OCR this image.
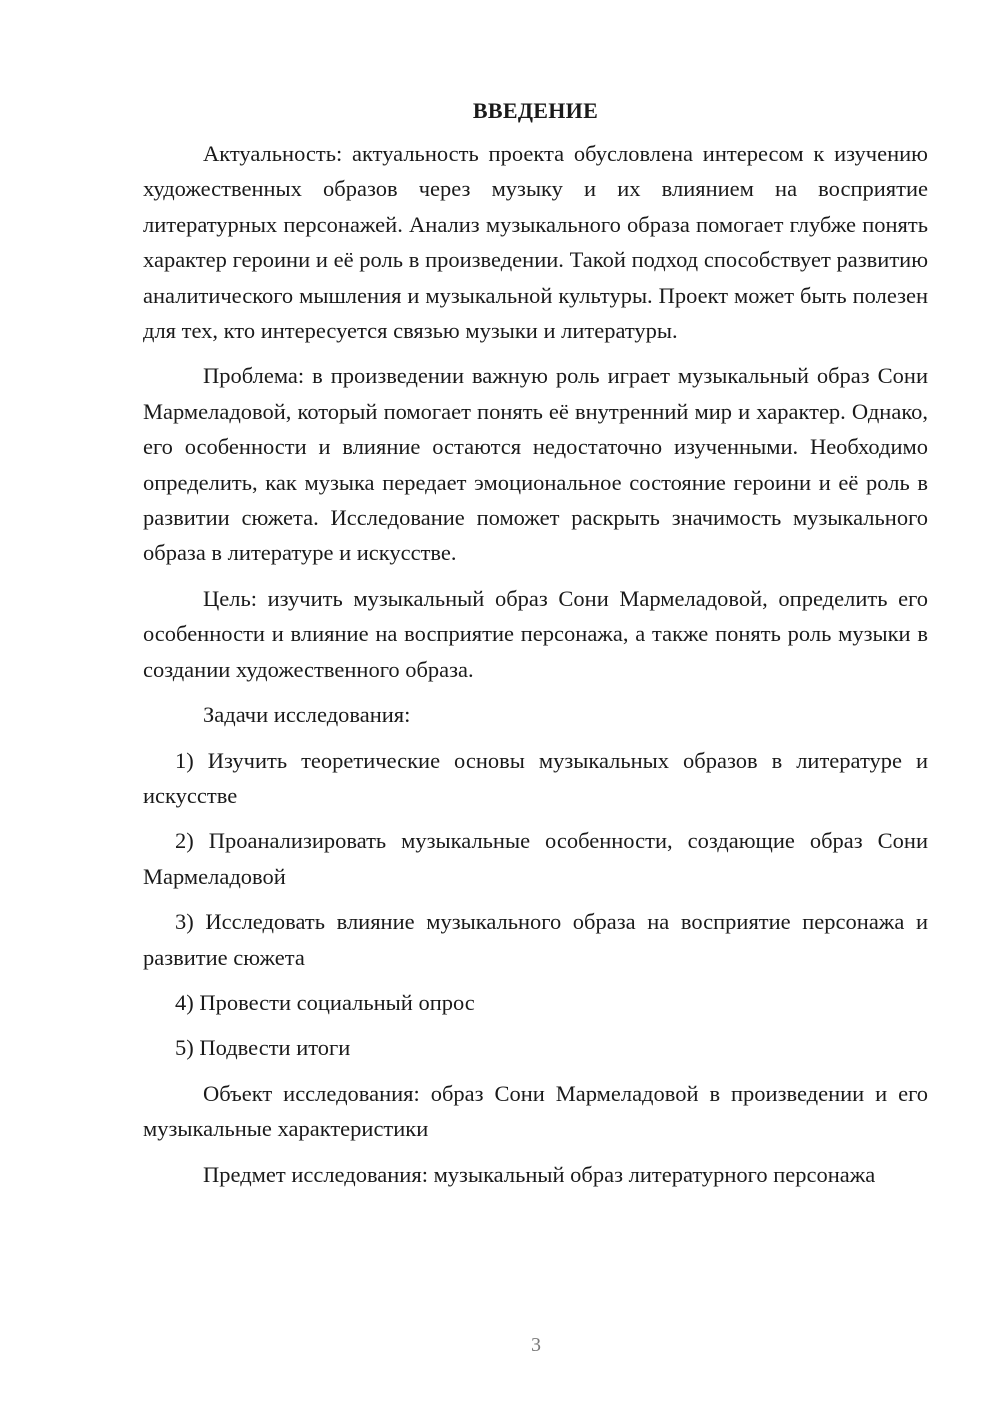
ВВЕДЕНИЕ

Актуальность: актуальность проекта обусловлена интересом к изучению художественных образов через музыку и их влиянием на восприятие литературных персонажей. Анализ музыкального образа помогает глубже понять характер героини и её роль в произведении. Такой подход способствует развитию аналитического мышления и музыкальной культуры. Проект может быть полезен для тех, кто интересуется связью музыки и литературы.

Проблема: в произведении важную роль играет музыкальный образ Сони Мармеладовой, который помогает понять её внутренний мир и характер. Однако, его особенности и влияние остаются недостаточно изученными. Необходимо определить, как музыка передает эмоциональное состояние героини и её роль в развитии сюжета. Исследование поможет раскрыть значимость музыкального образа в литературе и искусстве.

Цель: изучить музыкальный образ Сони Мармеладовой, определить его особенности и влияние на восприятие персонажа, а также понять роль музыки в создании художественного образа.

Задачи исследования:

1) Изучить теоретические основы музыкальных образов в литературе и искусстве

2) Проанализировать музыкальные особенности, создающие образ Сони Мармеладовой

3) Исследовать влияние музыкального образа на восприятие персонажа и развитие сюжета

4) Провести социальный опрос

5) Подвести итоги

Объект исследования: образ Сони Мармеладовой в произведении и его музыкальные характеристики

Предмет исследования: музыкальный образ литературного персонажа

3
